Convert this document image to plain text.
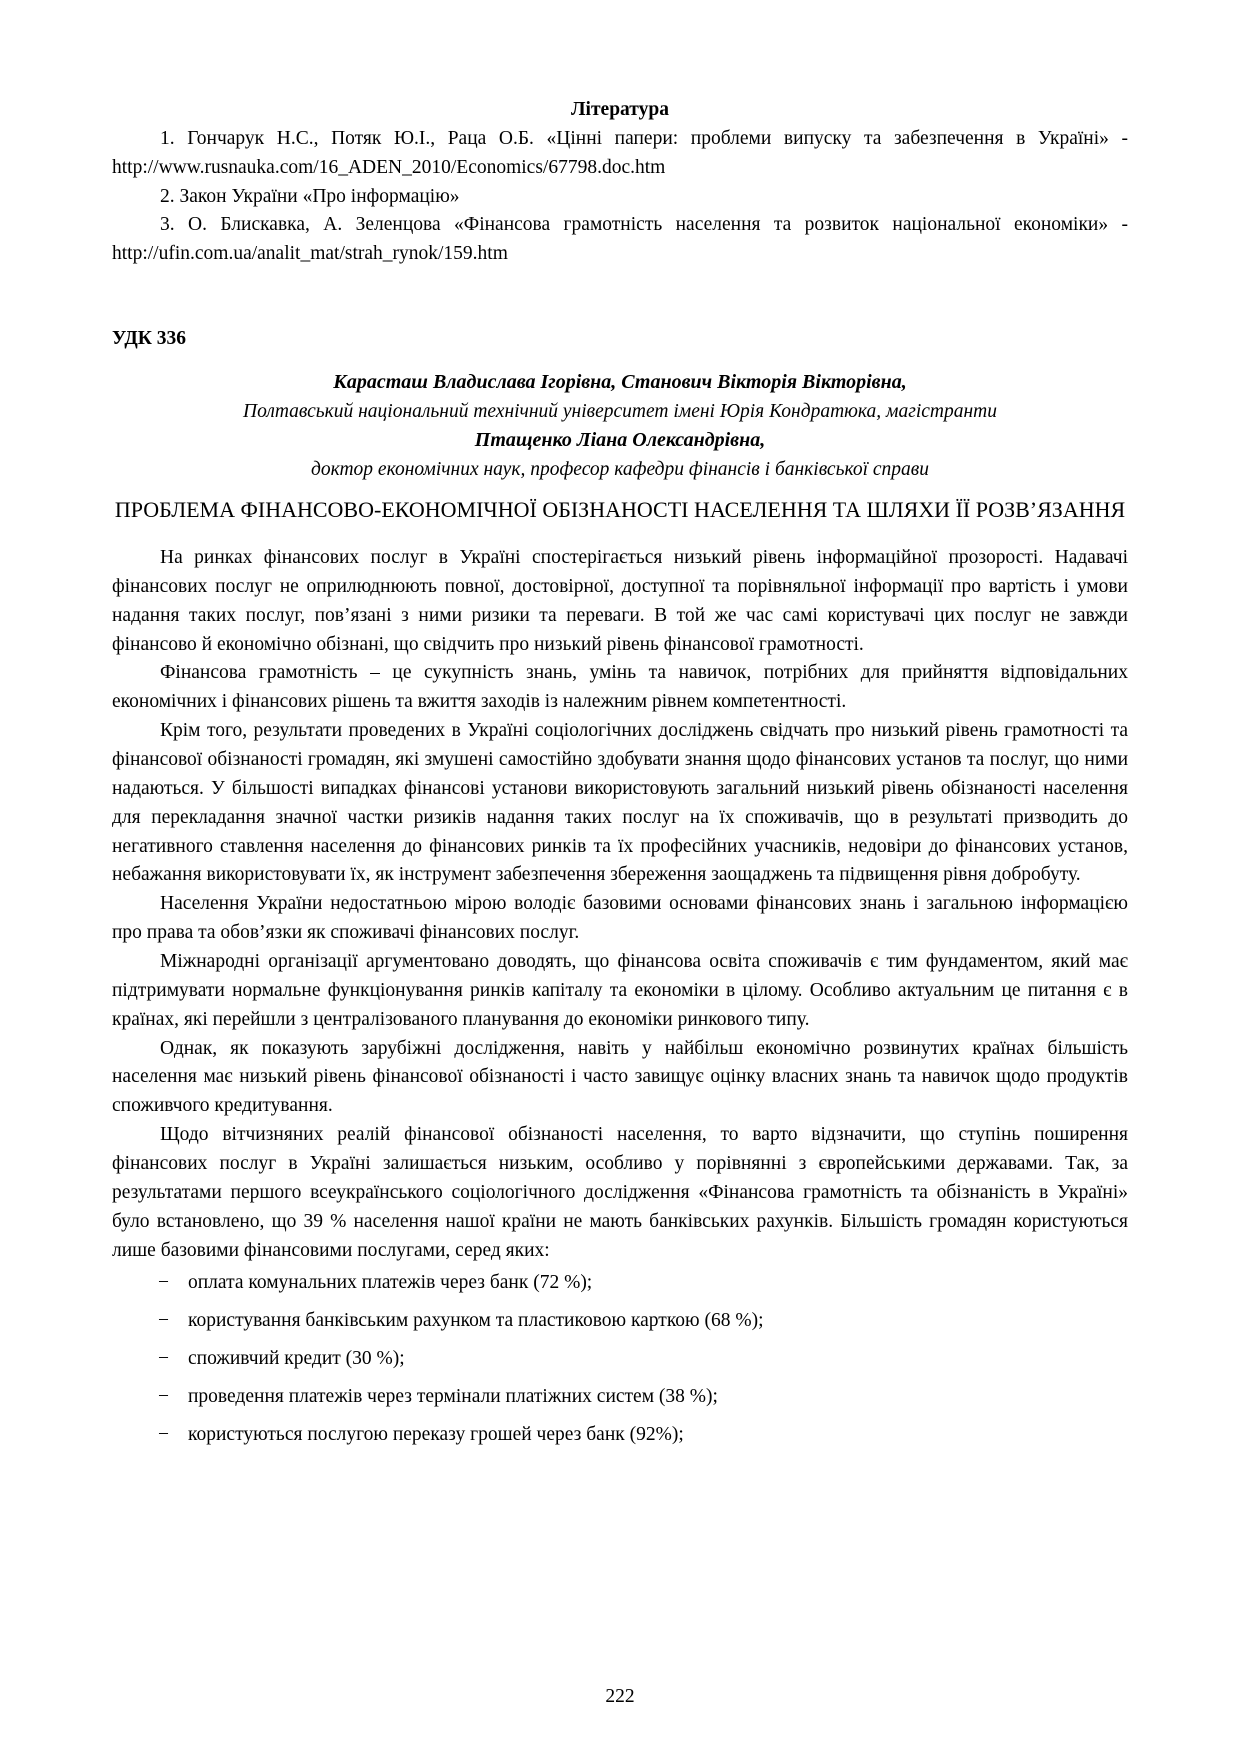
Література

1. Гончарук Н.С., Потяк Ю.І., Раца О.Б. «Цінні папери: проблеми випуску та забезпечення в Україні» - http://www.rusnauka.com/16_ADEN_2010/Economics/67798.doc.htm

2. Закон України «Про інформацію»

3. О. Блискавка, А. Зеленцова «Фінансова грамотність населення та розвиток національної економіки» - http://ufin.com.ua/analit_mat/strah_rynok/159.htm

УДК 336

Карасташ Владислава Ігорівна, Станович Вікторія Вікторівна,

Полтавський національний технічний університет імені Юрія Кондратюка, магістранти

Птащенко Ліана Олександрівна,

доктор економічних наук, професор кафедри фінансів і банківської справи

ПРОБЛЕМА ФІНАНСОВО-ЕКОНОМІЧНОЇ ОБІЗНАНОСТІ НАСЕЛЕННЯ ТА ШЛЯХИ ЇЇ РОЗВ’ЯЗАННЯ

На ринках фінансових послуг в Україні спостерігається низький рівень інформаційної прозорості. Надавачі фінансових послуг не оприлюднюють повної, достовірної, доступної та порівняльної інформації про вартість і умови надання таких послуг, пов’язані з ними ризики та переваги. В той же час самі користувачі цих послуг не завжди фінансово й економічно обізнані, що свідчить про низький рівень фінансової грамотності.

Фінансова грамотність – це сукупність знань, умінь та навичок, потрібних для прийняття відповідальних економічних і фінансових рішень та вжиття заходів із належним рівнем компетентності.

Крім того, результати проведених в Україні соціологічних досліджень свідчать про низький рівень грамотності та фінансової обізнаності громадян, які змушені самостійно здобувати знання щодо фінансових установ та послуг, що ними надаються. У більшості випадках фінансові установи використовують загальний низький рівень обізнаності населення для перекладання значної частки ризиків надання таких послуг на їх споживачів, що в результаті призводить до негативного ставлення населення до фінансових ринків та їх професійних учасників, недовіри до фінансових установ, небажання використовувати їх, як інструмент забезпечення збереження заощаджень та підвищення рівня добробуту.

Населення України недостатньою мірою володіє базовими основами фінансових знань і загальною інформацією про права та обов’язки як споживачі фінансових послуг.

Міжнародні організації аргументовано доводять, що фінансова освіта споживачів є тим фундаментом, який має підтримувати нормальне функціонування ринків капіталу та економіки в цілому. Особливо актуальним це питання є в країнах, які перейшли з централізованого планування до економіки ринкового типу.

Однак, як показують зарубіжні дослідження, навіть у найбільш економічно розвинутих країнах більшість населення має низький рівень фінансової обізнаності і часто завищує оцінку власних знань та навичок щодо продуктів споживчого кредитування.

Щодо вітчизняних реалій фінансової обізнаності населення, то варто відзначити, що ступінь поширення фінансових послуг в Україні залишається низьким, особливо у порівнянні з європейськими державами. Так, за результатами першого всеукраїнського соціологічного дослідження «Фінансова грамотність та обізнаність в Україні» було встановлено, що 39 % населення нашої країни не мають банківських рахунків. Більшість громадян користуються лише базовими фінансовими послугами, серед яких:

− оплата комунальних платежів через банк (72 %);
− користування банківським рахунком та пластиковою карткою (68 %);
− споживчий кредит (30 %);
− проведення платежів через термінали платіжних систем (38 %);
− користуються послугою переказу грошей через банк (92%);
222
